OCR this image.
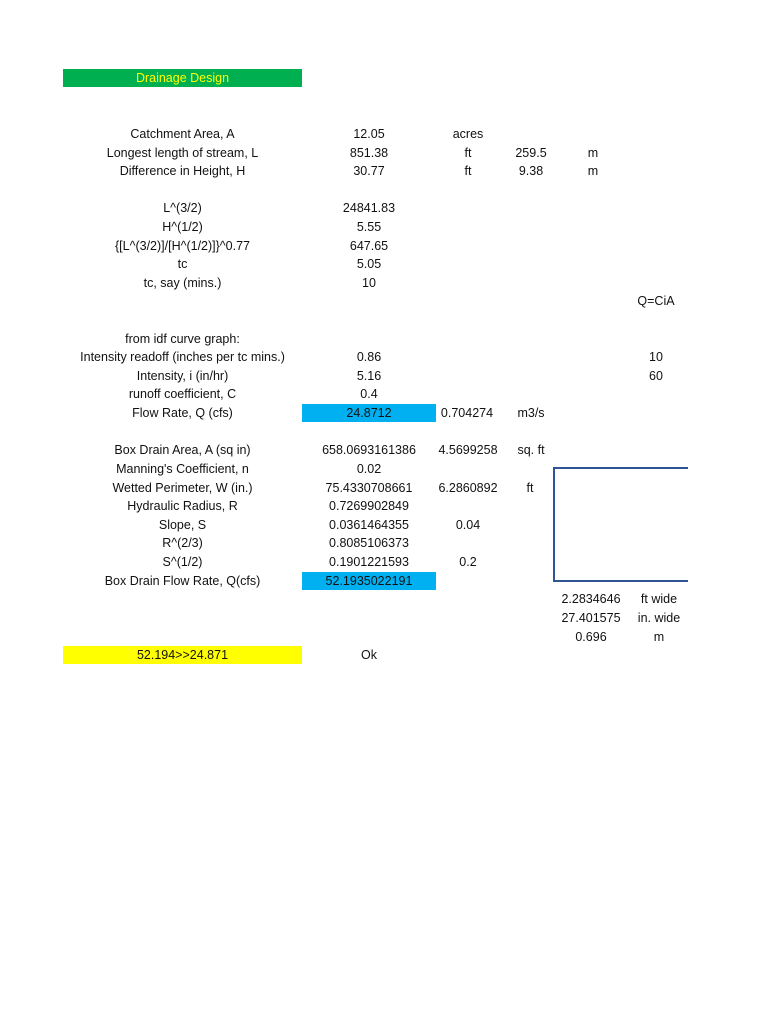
Drainage Design
Catchment Area, A	12.05	acres
Longest length of stream, L	851.38	ft	259.5	m
Difference in Height, H	30.77	ft	9.38	m
L^(3/2)	24841.83
H^(1/2)	5.55
{[L^(3/2)]/[H^(1/2)]}^0.77	647.65
tc	5.05
tc, say (mins.)	10
Q=CiA
from idf curve graph:
Intensity readoff (inches per tc mins.)	0.86	10
Intensity, i (in/hr)	5.16	60
runoff coefficient, C	0.4
Flow Rate, Q (cfs)	24.8712	0.704274	m3/s
Box Drain Area, A (sq in)	658.0693161386	4.5699258	sq. ft
Manning's Coefficient, n	0.02
Wetted Perimeter, W (in.)	75.4330708661	6.2860892	ft
Hydraulic Radius, R	0.7269902849
Slope, S	0.0361464355	0.04
R^(2/3)	0.8085106373
S^(1/2)	0.1901221593	0.2
Box Drain Flow Rate, Q(cfs)	52.1935022191
2.2834646	ft wide
27.401575	in. wide
0.696	m
52.194>>24.871	Ok
